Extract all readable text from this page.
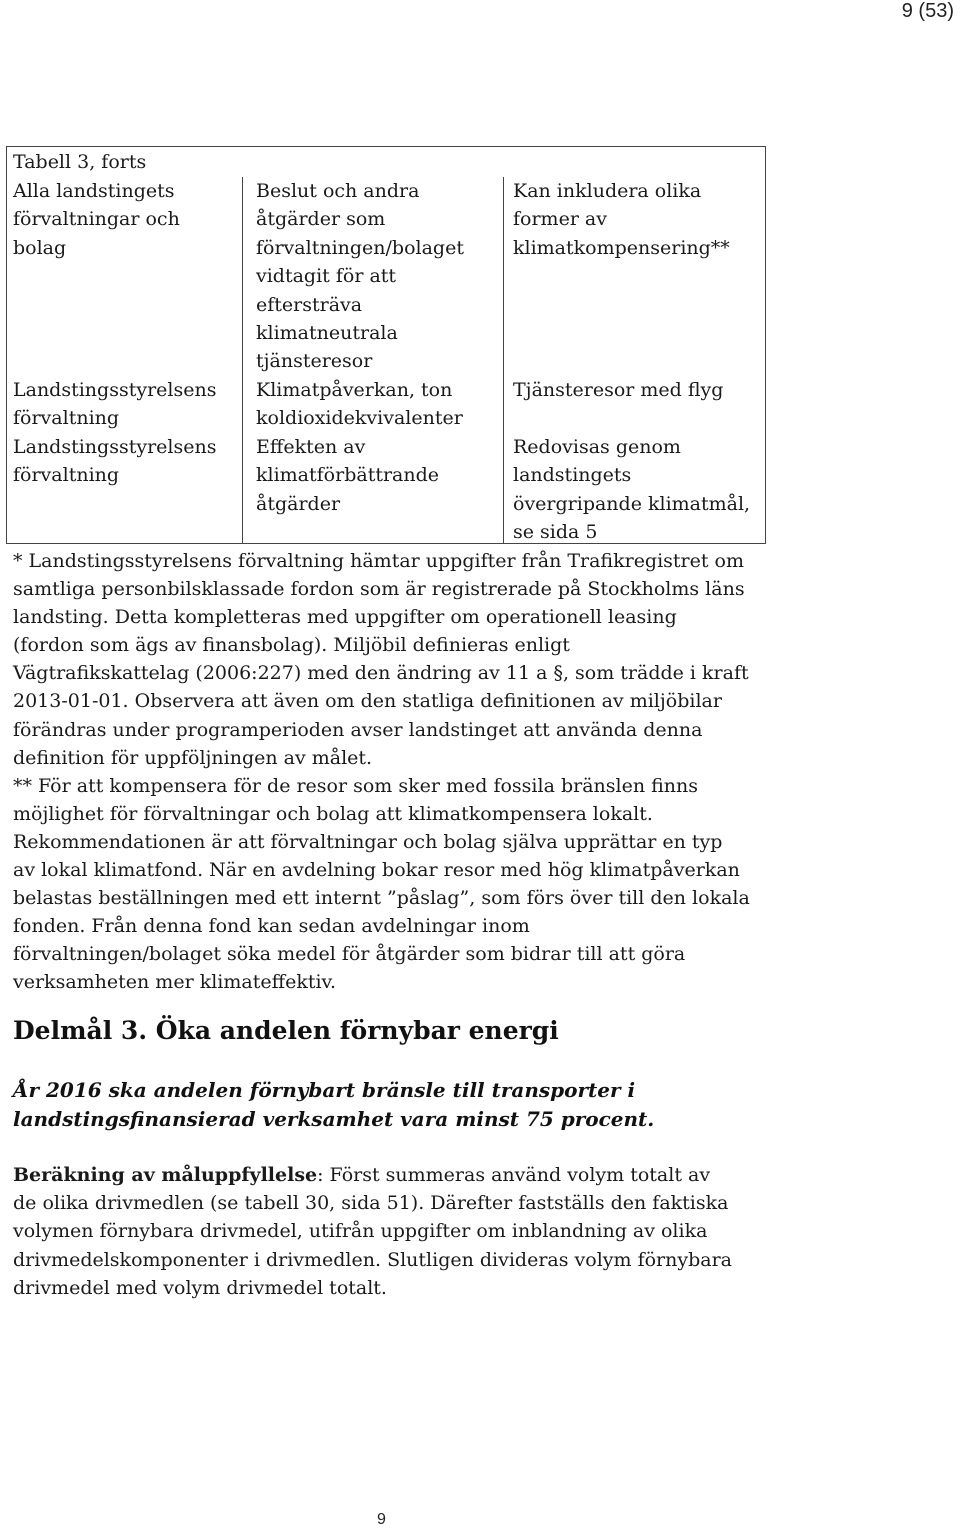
9 (53)
Tabell 3, forts
Alla landstingets
förvaltningar och
bolag
Beslut och andra
åtgärder som
förvaltningen/bolaget
vidtagit för att
eftersträva
klimatneutrala
tjänsteresor
Kan inkludera olika
former av
klimatkompensering**
Landstingsstyrelsens
förvaltning
Klimatpåverkan, ton
koldioxidekvivalenter
Tjänsteresor med flyg
Landstingsstyrelsens
förvaltning
Effekten av
klimatförbättrande
åtgärder
Redovisas genom
landstingets
övergripande klimatmål,
se sida 5

* Landstingsstyrelsens förvaltning hämtar uppgifter från Trafikregistret om

samtliga personbilsklassade fordon som är registrerade på Stockholms läns

landsting. Detta kompletteras med uppgifter om operationell leasing

(fordon som ägs av finansbolag). Miljöbil definieras enligt

Vägtrafikskattelag (2006:227) med den ändring av 11 a §, som trädde i kraft

2013-01-01. Observera att även om den statliga definitionen av miljöbilar

förändras under programperioden avser landstinget att använda denna

definition för uppföljningen av målet.

** För att kompensera för de resor som sker med fossila bränslen finns

möjlighet för förvaltningar och bolag att klimatkompensera lokalt.

Rekommendationen är att förvaltningar och bolag själva upprättar en typ

av lokal klimatfond. När en avdelning bokar resor med hög klimatpåverkan

belastas beställningen med ett internt ”påslag”, som förs över till den lokala

fonden. Från denna fond kan sedan avdelningar inom

förvaltningen/bolaget söka medel för åtgärder som bidrar till att göra

verksamheten mer klimateffektiv.

Delmål 3. Öka andelen förnybar energi
År 2016 ska andelen förnybart bränsle till transporter i
landstingsfinansierad verksamhet vara minst 75 procent.
Beräkning av måluppfyllelse: Först summeras använd volym totalt av
de olika drivmedlen (se tabell 30, sida 51). Därefter fastställs den faktiska
volymen förnybara drivmedel, utifrån uppgifter om inblandning av olika
drivmedelskomponenter i drivmedlen. Slutligen divideras volym förnybara
drivmedel med volym drivmedel totalt.
9
